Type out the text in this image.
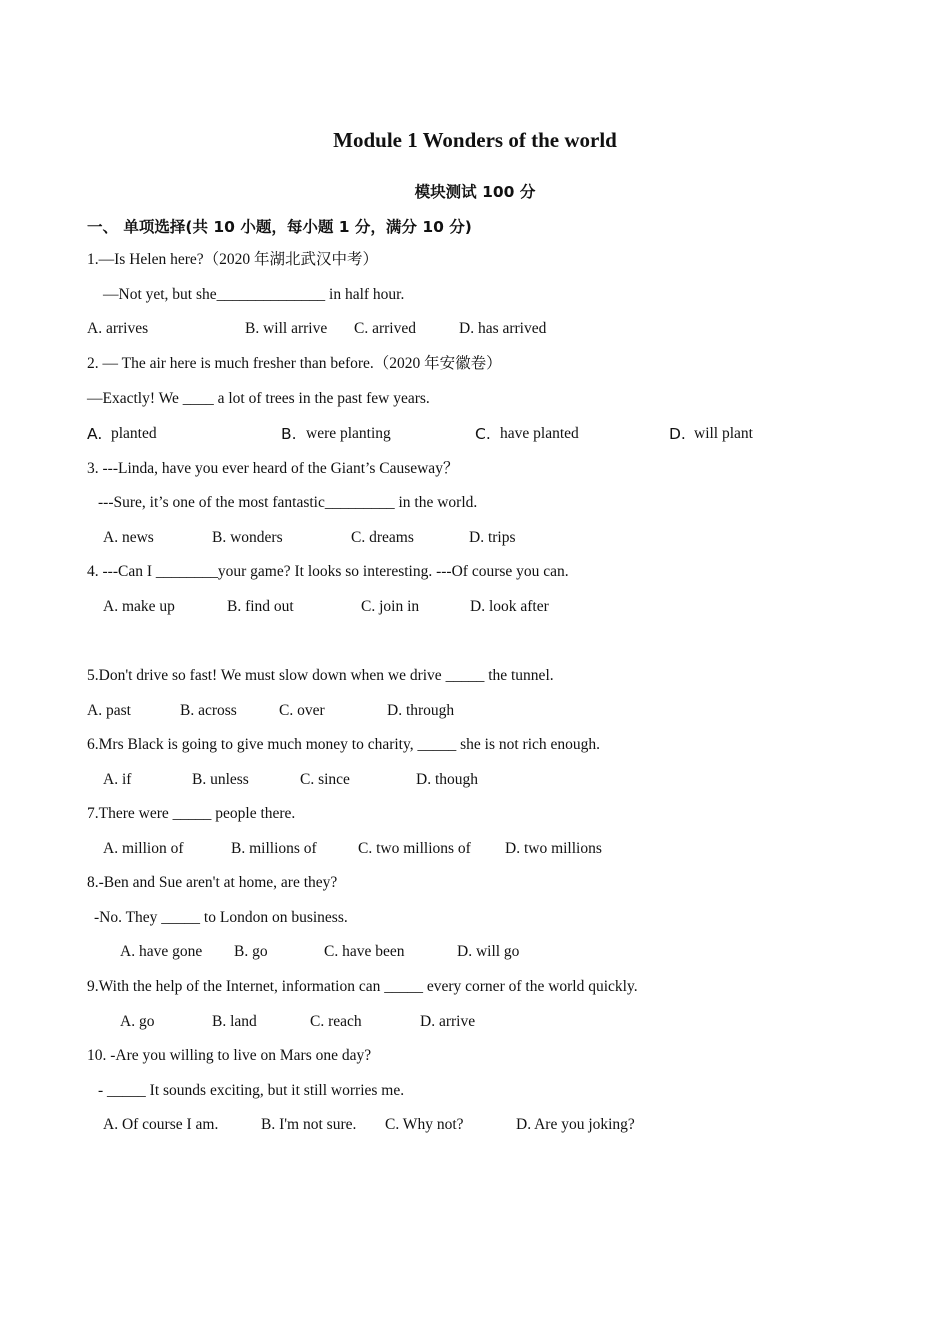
Module 1 Wonders of the world
模块测试 100 分
一、 单项选择(共 10 小题，每小题 1 分，满分 10 分)
1.—Is Helen here?（2020 年湖北武汉中考）
—Not yet, but she______________ in half hour.
A. arrives	B. will arrive C. arrived	D. has arrived
2. — The air here is much fresher than before.（2020 年安徽卷）
—Exactly! We ____ a lot of trees in the past few years.
A. planted	B. were planting	C. have planted	D. will plant
3. ---Linda, have you ever heard of the Giant’s Causeway？
---Sure, it’s one of the most fantastic_________ in the world.
A. news	B. wonders	C. dreams	D. trips
4. ---Can I ________your game? It looks so interesting. ---Of course you can.
A. make up	B. find out	C. join in	D. look after
5.Don't drive so fast! We must slow down when we drive _____ the tunnel.
A. past	B. across	C. over	D. through
6.Mrs Black is going to give much money to charity, _____ she is not rich enough.
A. if	B. unless	C. since	D. though
7.There were _____ people there.
A. million of	B. millions of	C. two millions of D. two millions
8.-Ben and Sue aren't at home, are they?
-No. They _____ to London on business.
A. have gone B. go	C. have been	D. will go
9.With the help of the Internet, information can _____ every corner of the world quickly.
A. go	B. land	C. reach	D. arrive
10. -Are you willing to live on Mars one day?
- _____ It sounds exciting, but it still worries me.
A. Of course I am.	B. I'm not sure. C. Why not?	D. Are you joking?
